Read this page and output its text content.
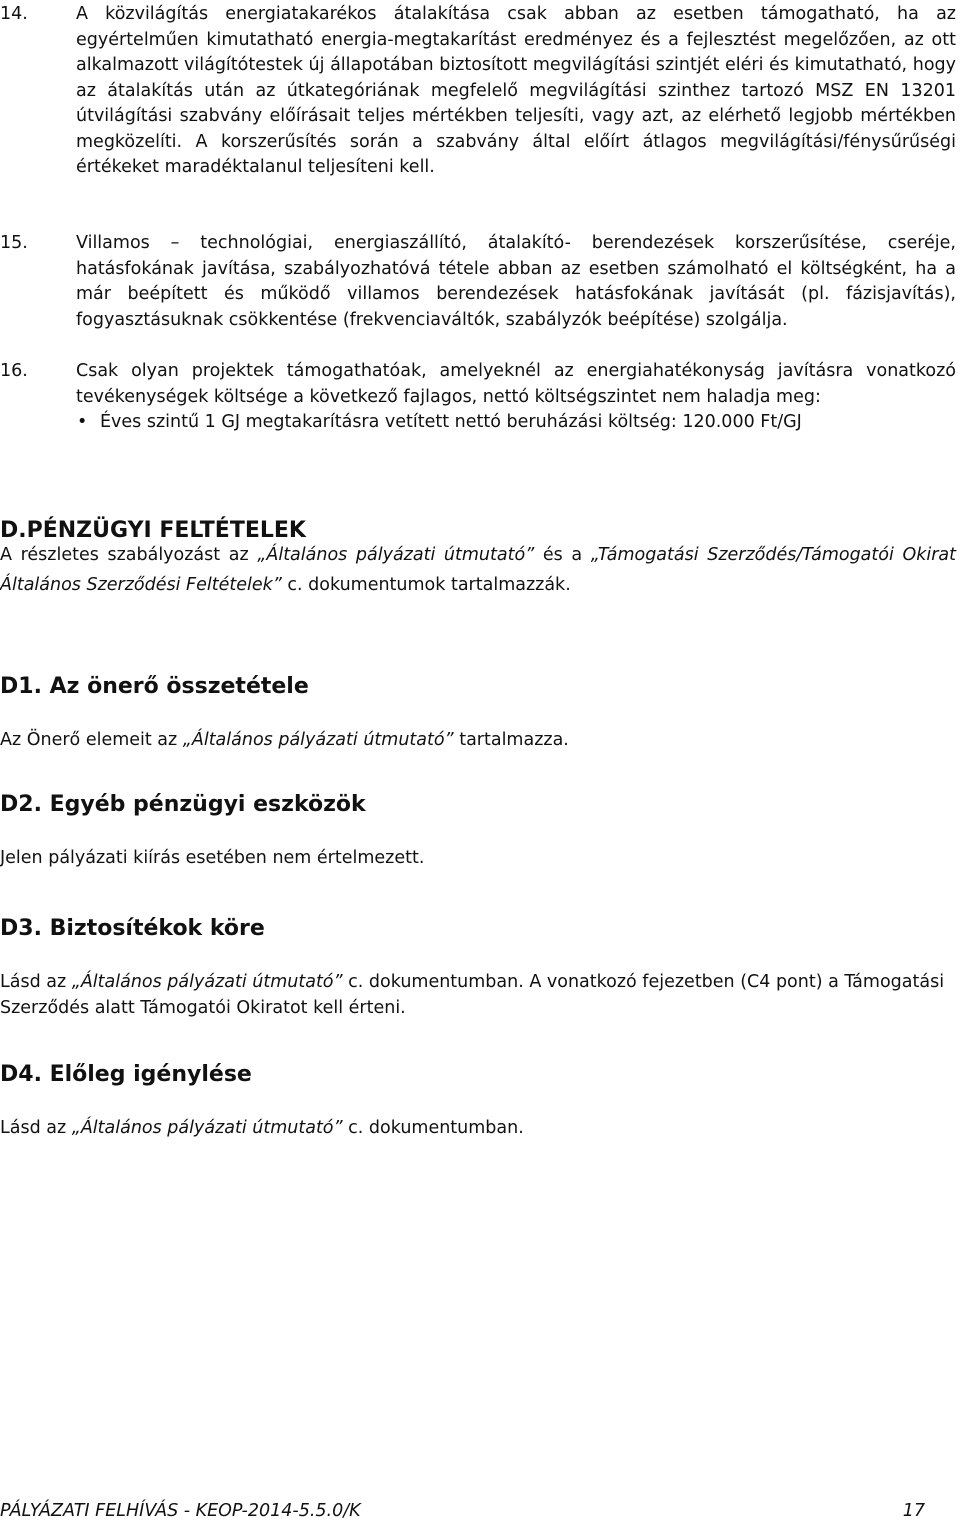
14.	A közvilágítás energiatakarékos átalakítása csak abban az esetben támogatható, ha az egyértelműen kimutatható energia-megtakarítást eredményez és a fejlesztést megelőzően, az ott alkalmazott világítótestek új állapotában biztosított megvilágítási szintjét eléri és kimutatható, hogy az átalakítás után az útkategóriának megfelelő megvilágítási szinthez tartozó MSZ EN 13201 útvilágítási szabvány előírásait teljes mértékben teljesíti, vagy azt, az elérhető legjobb mértékben megközelíti. A korszerűsítés során a szabvány által előírt átlagos megvilágítási/fénysűrűségi értékeket maradéktalanul teljesíteni kell.
15.	Villamos – technológiai, energiaszállító, átalakító- berendezések korszerűsítése, cseréje, hatásfokának javítása, szabályozhatóvá tétele abban az esetben számolható el költségként, ha a már beépített és működő villamos berendezések hatásfokának javítását (pl. fázisjavítás), fogyasztásuknak csökkentése (frekvenciaváltók, szabályzók beépítése) szolgálja.
16.	Csak olyan projektek támogathatóak, amelyeknél az energiahatékonyság javításra vonatkozó tevékenységek költsége a következő fajlagos, nettó költségszintet nem haladja meg:
• Éves szintű 1 GJ megtakarításra vetített nettó beruházási költség: 120.000 Ft/GJ
D.PÉNZÜGYI FELTÉTELEK
A részletes szabályozást az „Általános pályázati útmutató” és a „Támogatási Szerződés/Támogatói Okirat Általános Szerződési Feltételek” c. dokumentumok tartalmazzák.
D1. Az önerő összetétele
Az Önerő elemeit az „Általános pályázati útmutató” tartalmazza.
D2. Egyéb pénzügyi eszközök
Jelen pályázati kiírás esetében nem értelmezett.
D3. Biztosítékok köre
Lásd az „Általános pályázati útmutató” c. dokumentumban. A vonatkozó fejezetben (C4 pont) a Támogatási Szerződés alatt Támogatói Okiratot kell érteni.
D4. Előleg igénylése
Lásd az „Általános pályázati útmutató” c. dokumentumban.
PÁLYÁZATI FELHÍVÁS - KEOP-2014-5.5.0/K	17
